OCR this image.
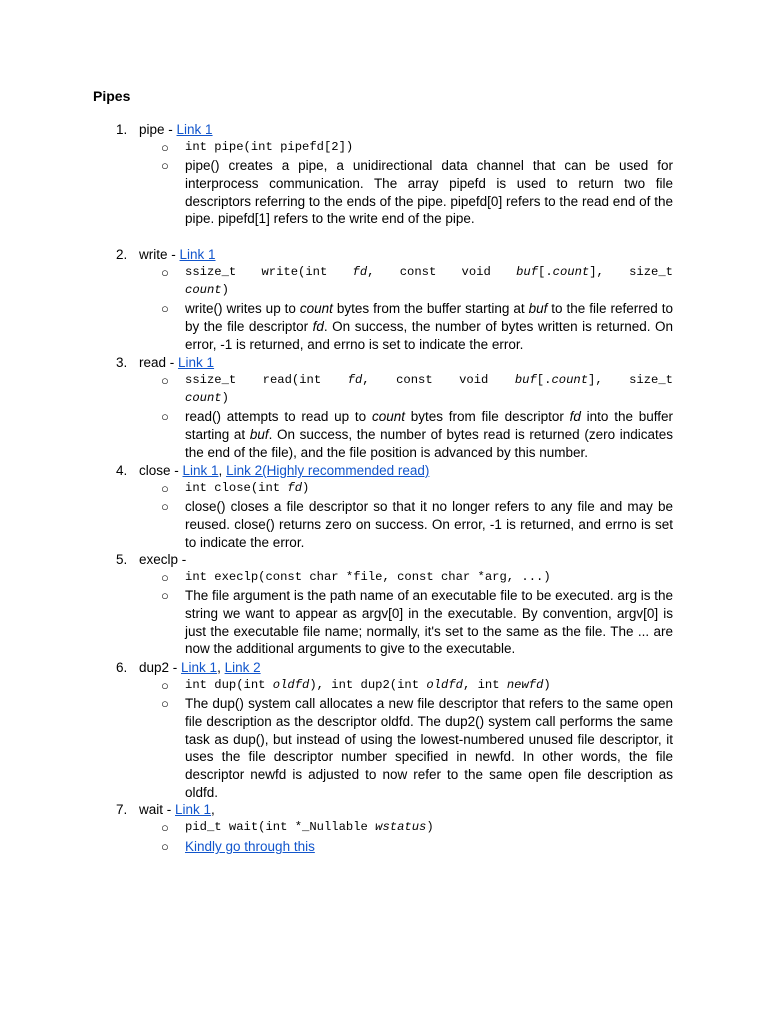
Pipes
1. pipe - Link 1
○ int pipe(int pipefd[2])
○ pipe() creates a pipe, a unidirectional data channel that can be used for interprocess communication. The array pipefd is used to return two file descriptors referring to the ends of the pipe. pipefd[0] refers to the read end of the pipe. pipefd[1] refers to the write end of the pipe.
2. write - Link 1
○ ssize_t write(int fd, const void buf[.count], size_t
count)
○ write() writes up to count bytes from the buffer starting at buf to the file referred to by the file descriptor fd. On success, the number of bytes written is returned. On error, -1 is returned, and errno is set to indicate the error.
3. read - Link 1
○ ssize_t read(int fd, const void buf[.count], size_t
count)
○ read() attempts to read up to count bytes from file descriptor fd into the buffer starting at buf. On success, the number of bytes read is returned (zero indicates the end of the file), and the file position is advanced by this number.
4. close - Link 1, Link 2(Highly recommended read)
○ int close(int fd)
○ close() closes a file descriptor so that it no longer refers to any file and may be reused. close() returns zero on success. On error, -1 is returned, and errno is set to indicate the error.
5. execlp -
○ int execlp(const char *file, const char *arg, ...)
○ The file argument is the path name of an executable file to be executed. arg is the string we want to appear as argv[0] in the executable. By convention, argv[0] is just the executable file name; normally, it's set to the same as the file. The ... are now the additional arguments to give to the executable.
6. dup2 - Link 1, Link 2
○ int dup(int oldfd), int dup2(int oldfd, int newfd)
○ The dup() system call allocates a new file descriptor that refers to the same open file description as the descriptor oldfd. The dup2() system call performs the same task as dup(), but instead of using the lowest-numbered unused file descriptor, it uses the file descriptor number specified in newfd. In other words, the file descriptor newfd is adjusted to now refer to the same open file description as oldfd.
7. wait - Link 1,
○ pid_t wait(int *_Nullable wstatus)
○ Kindly go through this
